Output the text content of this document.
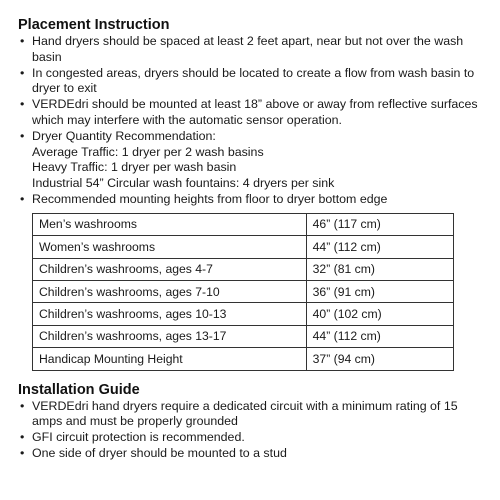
Placement Instruction
• Hand dryers should be spaced at least 2 feet apart, near but not over the wash
basin
• In congested areas, dryers should be located to create a flow from wash basin to
dryer to exit
• VERDEdri should be mounted at least 18” above or away from reflective surfaces
which may interfere with the automatic sensor operation.
• Dryer Quantity Recommendation:
Average Traffic: 1 dryer per 2 wash basins
Heavy Traffic: 1 dryer per wash basin
Industrial 54” Circular wash fountains: 4 dryers per sink
• Recommended mounting heights from floor to dryer bottom edge
Men’s washrooms	46” (117 cm)
Women’s washrooms	44” (112 cm)
Children’s washrooms, ages 4-7	32” (81 cm)
Children’s washrooms, ages 7-10	36” (91 cm)
Children’s washrooms, ages 10-13	40” (102 cm)
Children’s washrooms, ages 13-17	44” (112 cm)
Handicap Mounting Height	37” (94 cm)
Installation Guide
• VERDEdri hand dryers require a dedicated circuit with a minimum rating of 15
amps and must be properly grounded
• GFI circuit protection is recommended.
• One side of dryer should be mounted to a stud
